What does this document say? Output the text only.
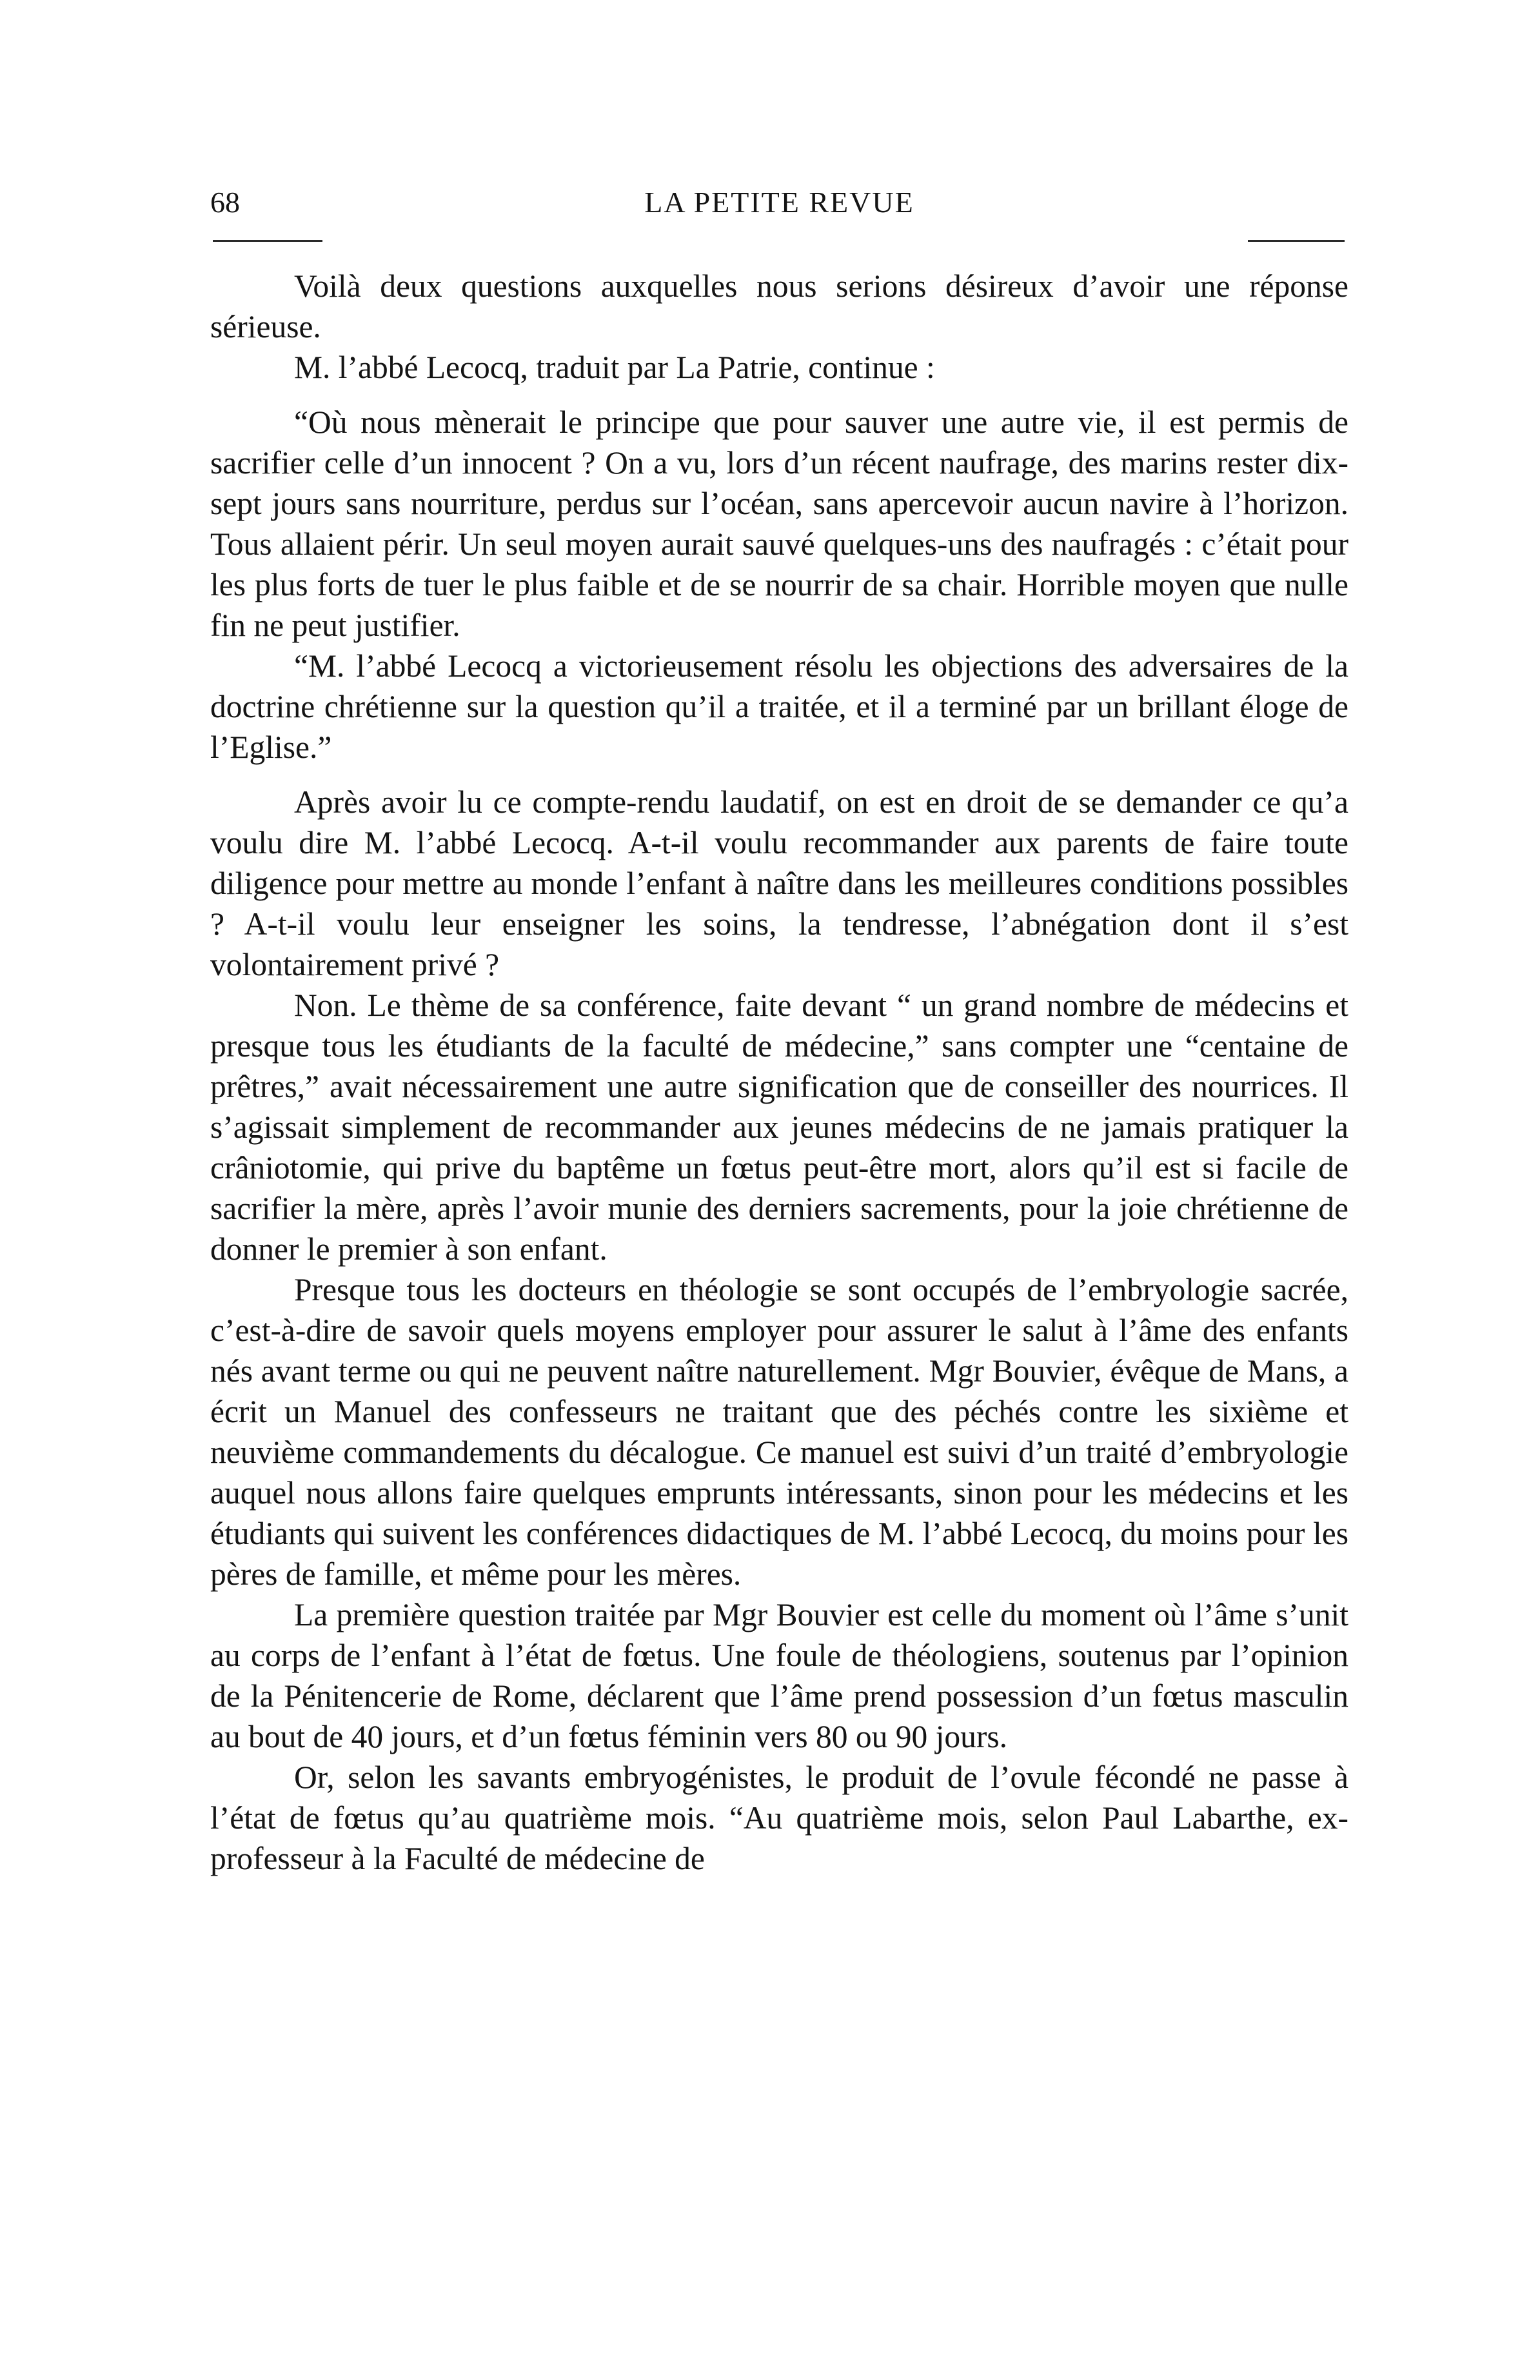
68	LA PETITE REVUE

Voilà deux questions auxquelles nous serions désireux d’avoir une réponse sérieuse.

M. l’abbé Lecocq, traduit par La Patrie, continue :

“Où nous mènerait le principe que pour sauver une autre vie, il est permis de sacrifier celle d’un innocent ? On a vu, lors d’un récent naufrage, des marins rester dix-sept jours sans nourriture, perdus sur l’océan, sans apercevoir aucun navire à l’horizon. Tous allaient périr. Un seul moyen aurait sauvé quelques-uns des naufragés : c’était pour les plus forts de tuer le plus faible et de se nourrir de sa chair. Horrible moyen que nulle fin ne peut justifier.

“M. l’abbé Lecocq a victorieusement résolu les objections des adversaires de la doctrine chrétienne sur la question qu’il a traitée, et il a terminé par un brillant éloge de l’Eglise.”

Après avoir lu ce compte-rendu laudatif, on est en droit de se demander ce qu’a voulu dire M. l’abbé Lecocq. A-t-il voulu recommander aux parents de faire toute diligence pour mettre au monde l’enfant à naître dans les meilleures conditions possibles ? A-t-il voulu leur enseigner les soins, la tendresse, l’abnégation dont il s’est volontairement privé ?

Non. Le thème de sa conférence, faite devant “ un grand nombre de médecins et presque tous les étudiants de la faculté de médecine,” sans compter une “centaine de prêtres,” avait nécessairement une autre signification que de conseiller des nourrices. Il s’agissait simplement de recommander aux jeunes médecins de ne jamais pratiquer la crâniotomie, qui prive du baptême un fœtus peut-être mort, alors qu’il est si facile de sacrifier la mère, après l’avoir munie des derniers sacrements, pour la joie chrétienne de donner le premier à son enfant.

Presque tous les docteurs en théologie se sont occupés de l’embryologie sacrée, c’est-à-dire de savoir quels moyens employer pour assurer le salut à l’âme des enfants nés avant terme ou qui ne peuvent naître naturellement. Mgr Bouvier, évêque de Mans, a écrit un Manuel des confesseurs ne traitant que des péchés contre les sixième et neuvième commandements du décalogue. Ce manuel est suivi d’un traité d’embryologie auquel nous allons faire quelques emprunts intéressants, sinon pour les médecins et les étudiants qui suivent les conférences didactiques de M. l’abbé Lecocq, du moins pour les pères de famille, et même pour les mères.

La première question traitée par Mgr Bouvier est celle du moment où l’âme s’unit au corps de l’enfant à l’état de fœtus. Une foule de théologiens, soutenus par l’opinion de la Pénitencerie de Rome, déclarent que l’âme prend possession d’un fœtus masculin au bout de 40 jours, et d’un fœtus féminin vers 80 ou 90 jours.

Or, selon les savants embryogénistes, le produit de l’ovule fécondé ne passe à l’état de fœtus qu’au quatrième mois. “Au quatrième mois, selon Paul Labarthe, ex-professeur à la Faculté de médecine de
